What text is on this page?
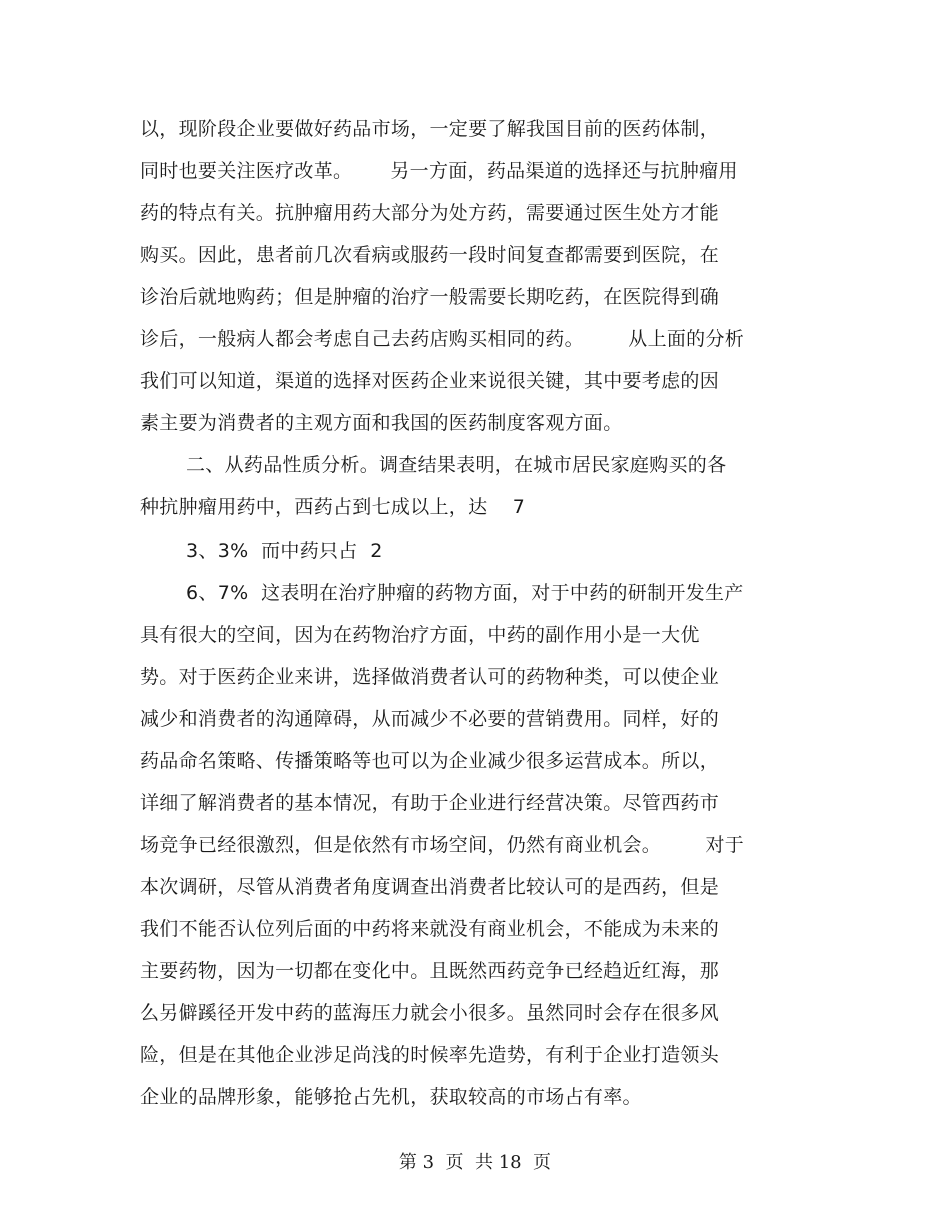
以，现阶段企业要做好药品市场，一定要了解我国目前的医药体制，
同时也要关注医疗改革。      另一方面，药品渠道的选择还与抗肿瘤用
药的特点有关。抗肿瘤用药大部分为处方药，需要通过医生处方才能
购买。因此，患者前几次看病或服药一段时间复查都需要到医院，在
诊治后就地购药；但是肿瘤的治疗一般需要长期吃药，在医院得到确
诊后，一般病人都会考虑自己去药店购买相同的药。       从上面的分析
我们可以知道，渠道的选择对医药企业来说很关键，其中要考虑的因
素主要为消费者的主观方面和我国的医药制度客观方面。
二、从药品性质分析。调查结果表明，在城市居民家庭购买的各
种抗肿瘤用药中，西药占到七成以上，达    7
3、3%  而中药只占  2
6、7%  这表明在治疗肿瘤的药物方面，对于中药的研制开发生产
具有很大的空间，因为在药物治疗方面，中药的副作用小是一大优
势。对于医药企业来讲，选择做消费者认可的药物种类，可以使企业
减少和消费者的沟通障碍，从而减少不必要的营销费用。同样，好的
药品命名策略、传播策略等也可以为企业减少很多运营成本。所以，
详细了解消费者的基本情况，有助于企业进行经营决策。尽管西药市
场竞争已经很激烈，但是依然有市场空间，仍然有商业机会。       对于
本次调研，尽管从消费者角度调查出消费者比较认可的是西药，但是
我们不能否认位列后面的中药将来就没有商业机会，不能成为未来的
主要药物，因为一切都在变化中。且既然西药竞争已经趋近红海，那
么另僻蹊径开发中药的蓝海压力就会小很多。虽然同时会存在很多风
险，但是在其他企业涉足尚浅的时候率先造势，有利于企业打造领头
企业的品牌形象，能够抢占先机，获取较高的市场占有率。
第 3  页  共 18  页
